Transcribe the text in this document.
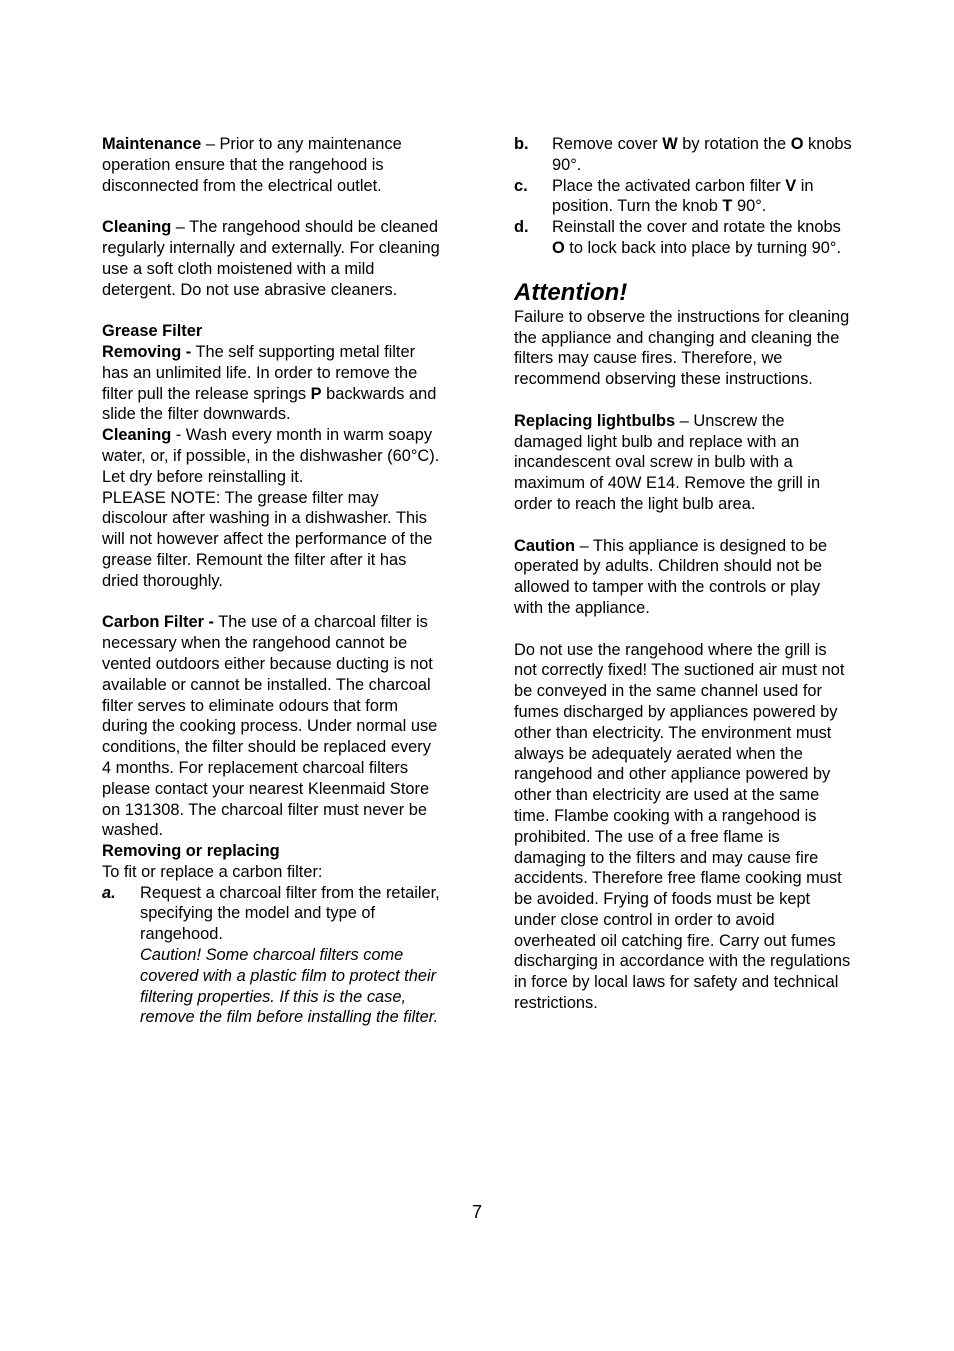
Maintenance – Prior to any maintenance operation ensure that the rangehood is disconnected from the electrical outlet.

Cleaning – The rangehood should be cleaned regularly internally and externally. For cleaning use a soft cloth moistened with a mild detergent. Do not use abrasive cleaners.

Grease Filter

Removing - The self supporting metal filter has an unlimited life. In order to remove the filter pull the release springs P backwards and slide the filter downwards.

Cleaning - Wash every month in warm soapy water, or, if possible, in the dishwasher (60°C). Let dry before reinstalling it.

PLEASE NOTE: The grease filter may discolour after washing in a dishwasher. This will not however affect the performance of the grease filter. Remount the filter after it has dried thoroughly.

Carbon Filter - The use of a charcoal filter is necessary when the rangehood cannot be vented outdoors either because ducting is not available or cannot be installed. The charcoal filter serves to eliminate odours that form during the cooking process. Under normal use conditions, the filter should be replaced every 4 months. For replacement charcoal filters please contact your nearest Kleenmaid Store on 131308. The charcoal filter must never be washed.

Removing or replacing

To fit or replace a carbon filter:

a.	Request a charcoal filter from the retailer, specifying the model and type of rangehood.

Caution! Some charcoal filters come covered with a plastic film to protect their filtering properties. If this is the case, remove the film before installing the filter.

b.	Remove cover W by rotation the O knobs 90°.

c.	Place the activated carbon filter V in position. Turn the knob T 90°.

d.	Reinstall the cover and rotate the knobs O to lock back into place by turning 90°.

Attention!

Failure to observe the instructions for cleaning the appliance and changing and cleaning the filters may cause fires. Therefore, we recommend observing these instructions.

Replacing lightbulbs – Unscrew the damaged light bulb and replace with an incandescent oval screw in bulb with a maximum of 40W E14. Remove the grill in order to reach the light bulb area.

Caution – This appliance is designed to be operated by adults. Children should not be allowed to tamper with the controls or play with the appliance.

Do not use the rangehood where the grill is not correctly fixed! The suctioned air must not be conveyed in the same channel used for fumes discharged by appliances powered by other than electricity. The environment must always be adequately aerated when the rangehood and other appliance powered by other than electricity are used at the same time. Flambe cooking with a rangehood is prohibited. The use of a free flame is damaging to the filters and may cause fire accidents. Therefore free flame cooking must be avoided. Frying of foods must be kept under close control in order to avoid overheated oil catching fire. Carry out fumes discharging in accordance with the regulations in force by local laws for safety and technical restrictions.

7
